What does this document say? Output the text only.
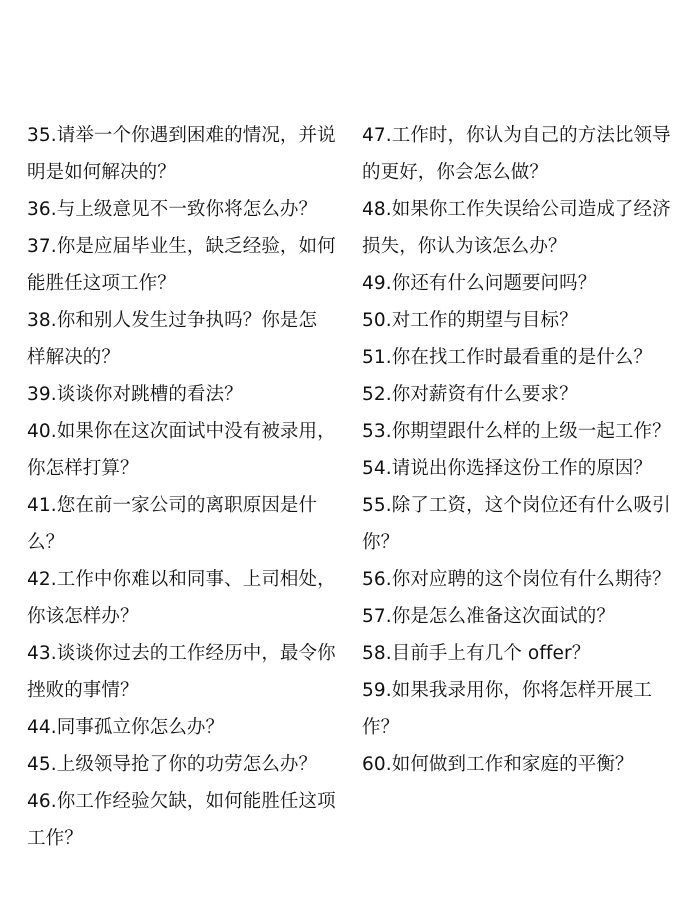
35.请举一个你遇到困难的情况，并说
明是如何解决的？
36.与上级意见不一致你将怎么办？
37.你是应届毕业生，缺乏经验，如何
能胜任这项工作？
38.你和别人发生过争执吗？你是怎
样解决的？
39.谈谈你对跳槽的看法？
40.如果你在这次面试中没有被录用，
你怎样打算？
41.您在前一家公司的离职原因是什
么？
42.工作中你难以和同事、上司相处，
你该怎样办？
43.谈谈你过去的工作经历中，最令你
挫败的事情？
44.同事孤立你怎么办？
45.上级领导抢了你的功劳怎么办？
46.你工作经验欠缺，如何能胜任这项
工作？
47.工作时，你认为自己的方法比领导
的更好，你会怎么做？
48.如果你工作失误给公司造成了经济
损失，你认为该怎么办？
49.你还有什么问题要问吗？
50.对工作的期望与目标？
51.你在找工作时最看重的是什么？
52.你对薪资有什么要求？
53.你期望跟什么样的上级一起工作？
54.请说出你选择这份工作的原因？
55.除了工资，这个岗位还有什么吸引
你？
56.你对应聘的这个岗位有什么期待？
57.你是怎么准备这次面试的？
58.目前手上有几个 offer？
59.如果我录用你，你将怎样开展工
作？
60.如何做到工作和家庭的平衡？
